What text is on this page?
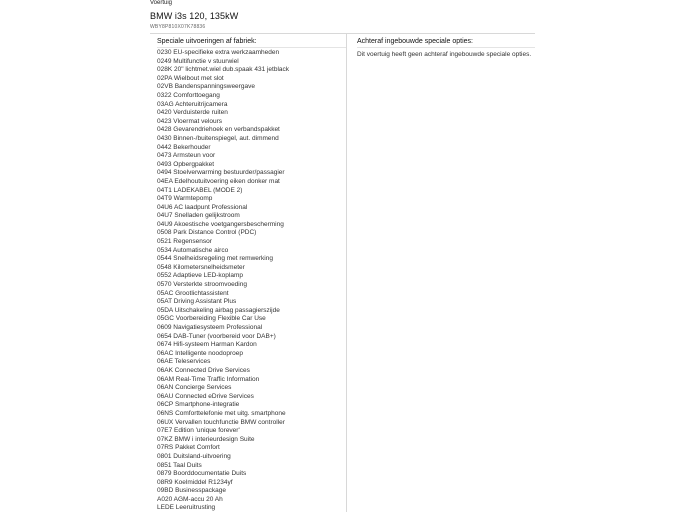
Voertuig
BMW i3s 120, 135kW
WBY8P810X07K78836
Speciale uitvoeringen af fabriek:
0230 EU-specifieke extra werkzaamheden
0249 Multifunctie v stuurwiel
028K 20" lichtmet.wiel dub.spaak 431 jetblack
02PA Wielbout met slot
02VB Bandenspanningsweergave
0322 Comforttoegang
03AG Achteruitrijcamera
0420 Verduisterde ruiten
0423 Vloermat velours
0428 Gevarendriehoek en verbandspakket
0430 Binnen-/buitenspiegel, aut. dimmend
0442 Bekerhouder
0473 Armsteun voor
0493 Opbergpakket
0494 Stoelverwarming bestuurder/passagier
04EA Edelhoutuitvoering eiken donker mat
04T1 LADEKABEL (MODE 2)
04T9 Warmtepomp
04U6 AC laadpunt Professional
04U7 Snelladen gelijkstroom
04U9 Akoestische voetgangersbescherming
0508 Park Distance Control (PDC)
0521 Regensensor
0534 Automatische airco
0544 Snelheidsregeling met remwerking
0548 Kilometersnelheidsmeter
0552 Adaptieve LED-koplamp
0570 Versterkte stroomvoeding
05AC Grootlichtassistent
05AT Driving Assistant Plus
05DA Uitschakeling airbag passagierszijde
05GC Voorbereiding Flexible Car Use
0609 Navigatiesysteem Professional
0654 DAB-Tuner (voorbereid voor DAB+)
0674 Hifi-systeem Harman Kardon
06AC Intelligente noodoproep
06AE Teleservices
06AK Connected Drive Services
06AM Real-Time Traffic Information
06AN Concierge Services
06AU Connected eDrive Services
06CP Smartphone-integratie
06NS Comforttelefonie met uitg. smartphone
06UX Vervallen touchfunctie BMW controller
07E7 Edition 'unique forever'
07KZ BMW i interieurdesign Suite
07RS Pakket Comfort
0801 Duitsland-uitvoering
0851 Taal Duits
0879 Boorddocumentatie Duits
08R9 Koelmiddel R1234yf
09BD Businesspackage
A020 AGM-accu 20 Ah
LEDE Leeruitrusting
Achteraf ingebouwde speciale opties:
Dit voertuig heeft geen achteraf ingebouwde speciale opties.
